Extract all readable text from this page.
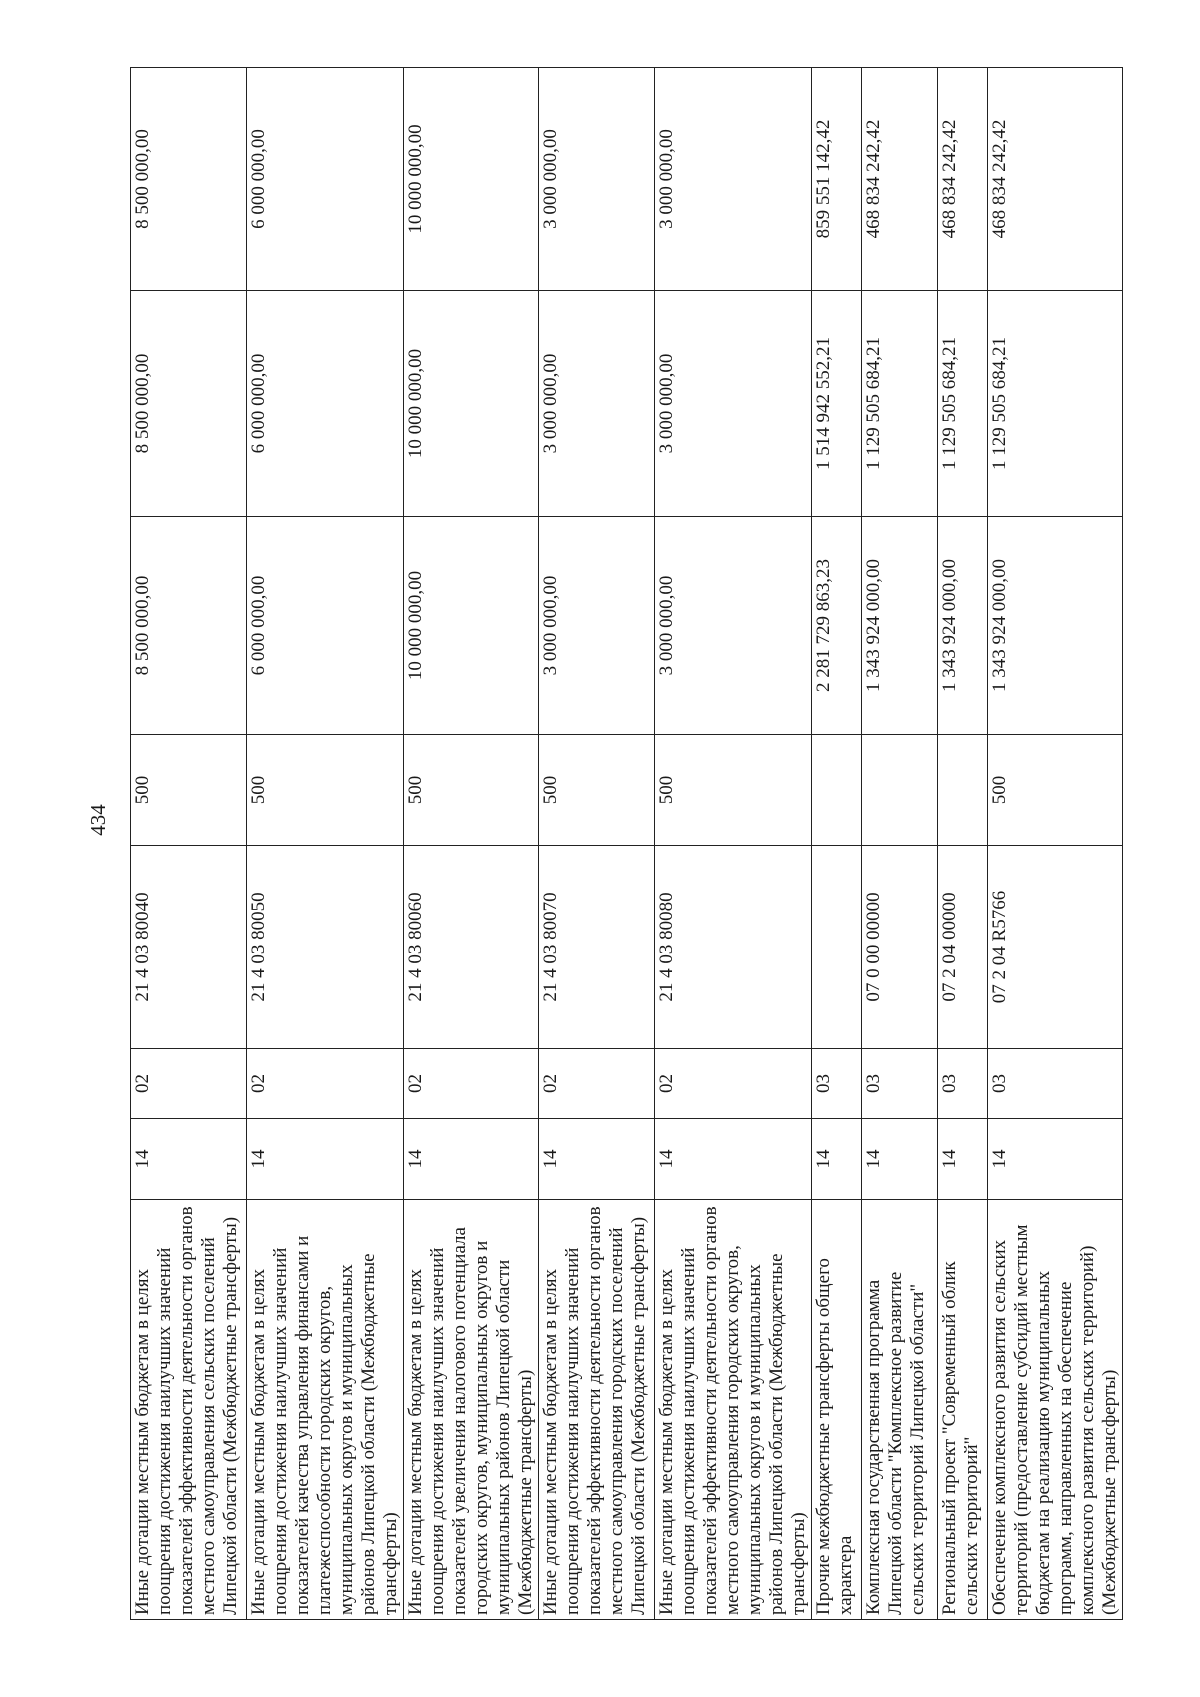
434
Иные дотации местным бюджетам в целях поощрения достижения наилучших значений показателей эффективности деятельности органов местного самоуправления сельских поселений Липецкой области (Межбюджетные трансферты)	14	02	21 4 03 80040	500	8 500 000,00	8 500 000,00	8 500 000,00
Иные дотации местным бюджетам в целях поощрения достижения наилучших значений показателей качества управления финансами и платежеспособности городских округов, муниципальных округов и муниципальных районов Липецкой области (Межбюджетные трансферты)	14	02	21 4 03 80050	500	6 000 000,00	6 000 000,00	6 000 000,00
Иные дотации местным бюджетам в целях поощрения достижения наилучших значений показателей увеличения налогового потенциала городских округов, муниципальных округов и муниципальных районов Липецкой области (Межбюджетные трансферты)	14	02	21 4 03 80060	500	10 000 000,00	10 000 000,00	10 000 000,00
Иные дотации местным бюджетам в целях поощрения достижения наилучших значений показателей эффективности деятельности органов местного самоуправления городских поселений Липецкой области (Межбюджетные трансферты)	14	02	21 4 03 80070	500	3 000 000,00	3 000 000,00	3 000 000,00
Иные дотации местным бюджетам в целях поощрения достижения наилучших значений показателей эффективности деятельности органов местного самоуправления городских округов, муниципальных округов и муниципальных районов Липецкой области (Межбюджетные трансферты)	14	02	21 4 03 80080	500	3 000 000,00	3 000 000,00	3 000 000,00
Прочие межбюджетные трансферты общего характера	14	03			2 281 729 863,23	1 514 942 552,21	859 551 142,42
Комплексная государственная программа Липецкой области "Комплексное развитие сельских территорий Липецкой области"	14	03	07 0 00 00000		1 343 924 000,00	1 129 505 684,21	468 834 242,42
Региональный проект "Современный облик сельских территорий"	14	03	07 2 04 00000		1 343 924 000,00	1 129 505 684,21	468 834 242,42
Обеспечение комплексного развития сельских территорий (предоставление субсидий местным бюджетам на реализацию муниципальных программ, направленных на обеспечение комплексного развития сельских территорий) (Межбюджетные трансферты)	14	03	07 2 04 R5766	500	1 343 924 000,00	1 129 505 684,21	468 834 242,42
